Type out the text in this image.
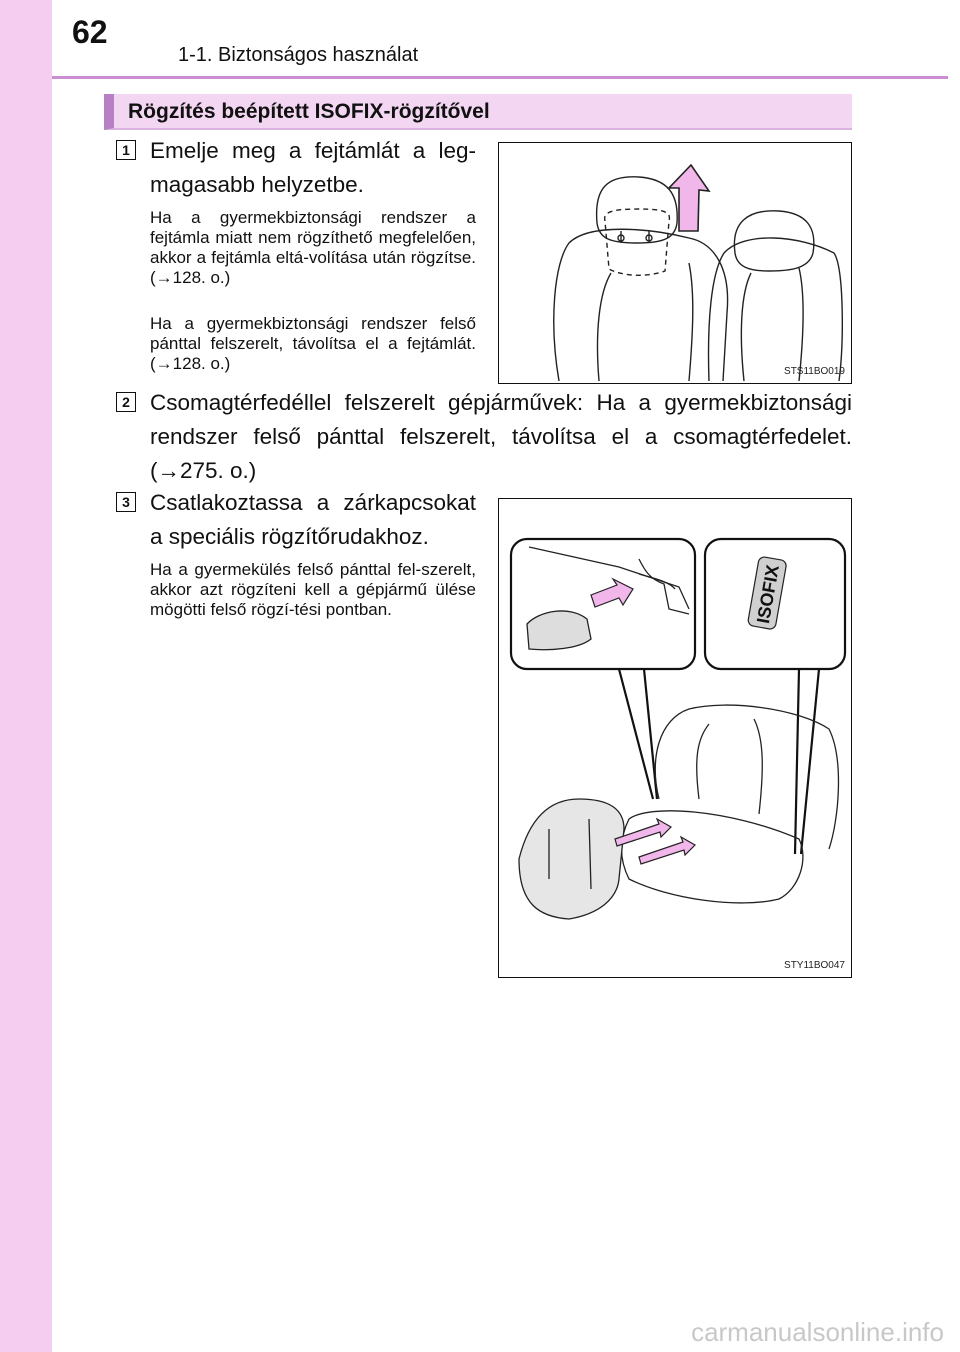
62
1-1. Biztonságos használat
Rögzítés beépített ISOFIX-rögzítővel
1 Emelje meg a fejtámlát a leg-magasabb helyzetbe.
Ha a gyermekbiztonsági rendszer a fejtámla miatt nem rögzíthető megfelelően, akkor a fejtámla eltá-volítása után rögzítse. (→128. o.)
Ha a gyermekbiztonsági rendszer felső pánttal felszerelt, távolítsa el a fejtámlát. (→128. o.)	STS11BO019
2 Csomagtérfedéllel felszerelt gépjárművek: Ha a gyermekbiztonsági rendszer felső pánttal felszerelt, távolítsa el a csomagtérfedelet. (→275. o.)
3 Csatlakoztassa a zárkapcsokat a speciális rögzítőrudakhoz.
Ha a gyermekülés felső pánttal fel-szerelt, akkor azt rögzíteni kell a gépjármű ülése mögötti felső rögzí-tési pontban.	ISOFIX
STY11BO047
carmanualsonline.info
